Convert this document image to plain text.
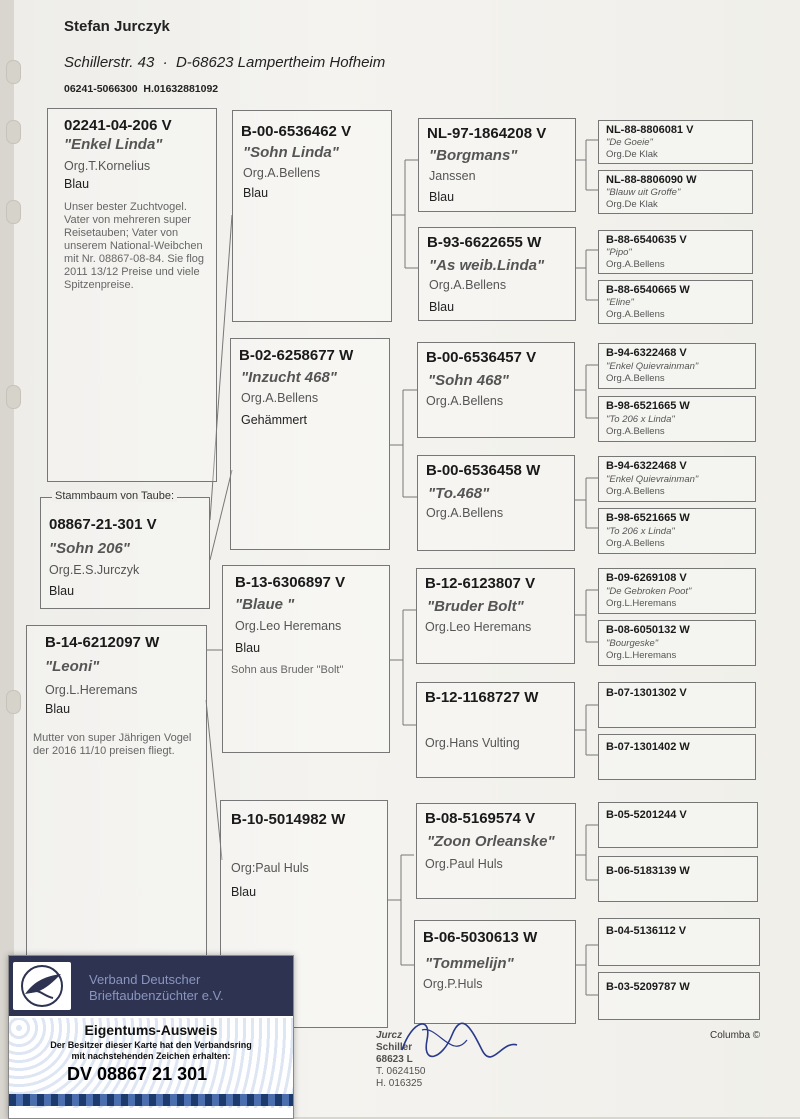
Stefan Jurczyk
Schillerstr. 43  ·  D-68623 Lampertheim Hofheim
06241-5066300  H.01632881092
02241-04-206 V
"Enkel Linda"
Org.T.Kornelius
Blau
Unser bester Zuchtvogel. Vater von mehreren super Reisetauben; Vater von unserem National-Weibchen mit Nr. 08867-08-84. Sie flog 2011 13/12 Preise und viele Spitzenpreise.
08867-21-301 V
"Sohn 206"
Org.E.S.Jurczyk
Blau
Stammbaum von Taube:
B-14-6212097 W
"Leoni"
Org.L.Heremans
Blau
Mutter von super Jährigen Vogel der 2016 11/10 preisen fliegt.
B-00-6536462 V
"Sohn Linda"
Org.A.Bellens
Blau
B-02-6258677 W
"Inzucht 468"
Org.A.Bellens
Gehämmert
B-13-6306897 V
"Blaue "
Org.Leo Heremans
Blau
Sohn aus Bruder "Bolt"
B-10-5014982 W
Org:Paul Huls
Blau
NL-97-1864208 V
"Borgmans"
Janssen
Blau
B-93-6622655 W
"As weib.Linda"
Org.A.Bellens
Blau
B-00-6536457 V
"Sohn 468"
Org.A.Bellens
B-00-6536458 W
"To.468"
Org.A.Bellens
B-12-6123807 V
"Bruder Bolt"
Org.Leo Heremans
B-12-1168727 W
Org.Hans Vulting
B-08-5169574 V
"Zoon Orleanske"
Org.Paul Huls
B-06-5030613 W
"Tommelijn"
Org.P.Huls
NL-88-8806081 V
"De Goeie"
Org.De Klak
NL-88-8806090 W
"Blauw uit Groffe"
Org.De Klak
B-88-6540635 V
"Pipo"
Org.A.Bellens
B-88-6540665 W
"Eline"
Org.A.Bellens
B-94-6322468 V
"Enkel Quievrainman"
Org.A.Bellens
B-98-6521665 W
"To 206 x Linda"
Org.A.Bellens
B-94-6322468 V
"Enkel Quievrainman"
Org.A.Bellens
B-98-6521665 W
"To 206 x Linda"
Org.A.Bellens
B-09-6269108 V
"De Gebroken Poot"
Org.L.Heremans
B-08-6050132 W
"Bourgeske"
Org.L.Heremans
B-07-1301302 V
B-07-1301402 W
B-05-5201244 V
B-06-5183139 W
B-04-5136112 V
B-03-5209787 W
Columba ©
Jurcz
Schiller
68623 L
T. 0624150
H. 016325
Verband Deutscher
Brieftaubenzüchter e.V.
Eigentums-Ausweis
Der Besitzer dieser Karte hat den Verbandsring
mit nachstehenden Zeichen erhalten:
DV 08867 21 301
